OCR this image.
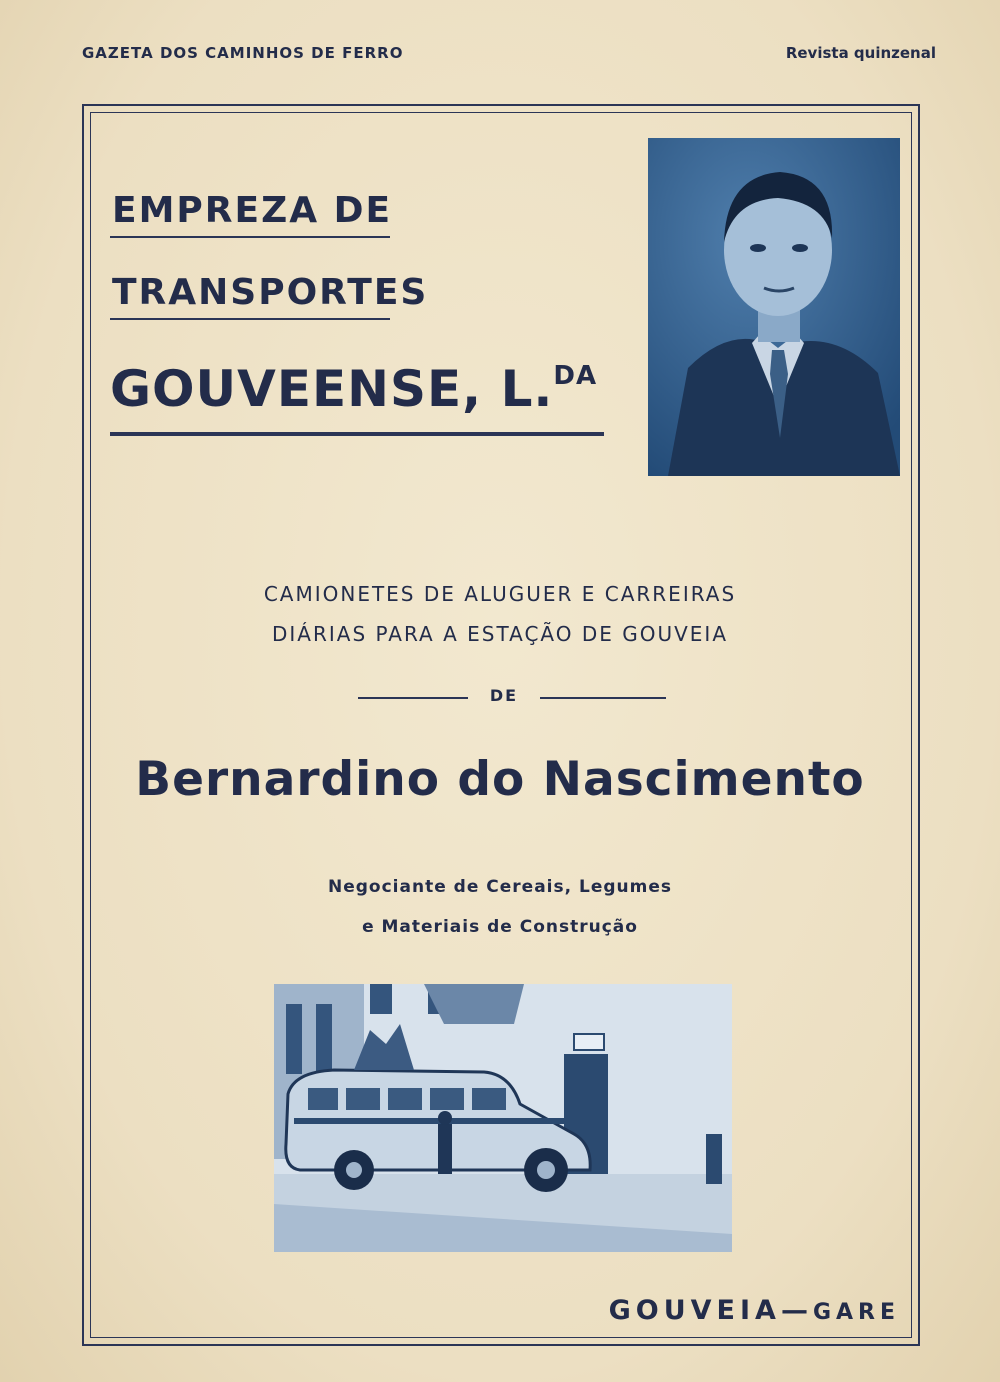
GAZETA DOS CAMINHOS DE FERRO	Revista quinzenal
EMPREZA DE
TRANSPORTES
GOUVEENSE, L.$^{DA}$
CAMIONETES DE ALUGUER E CARREIRAS
DIÁRIAS PARA A ESTAÇÃO DE GOUVEIA
DE
Bernardino do Nascimento
Negociante de Cereais, Legumes
e Materiais de Construção
GOUVEIA—GARE
